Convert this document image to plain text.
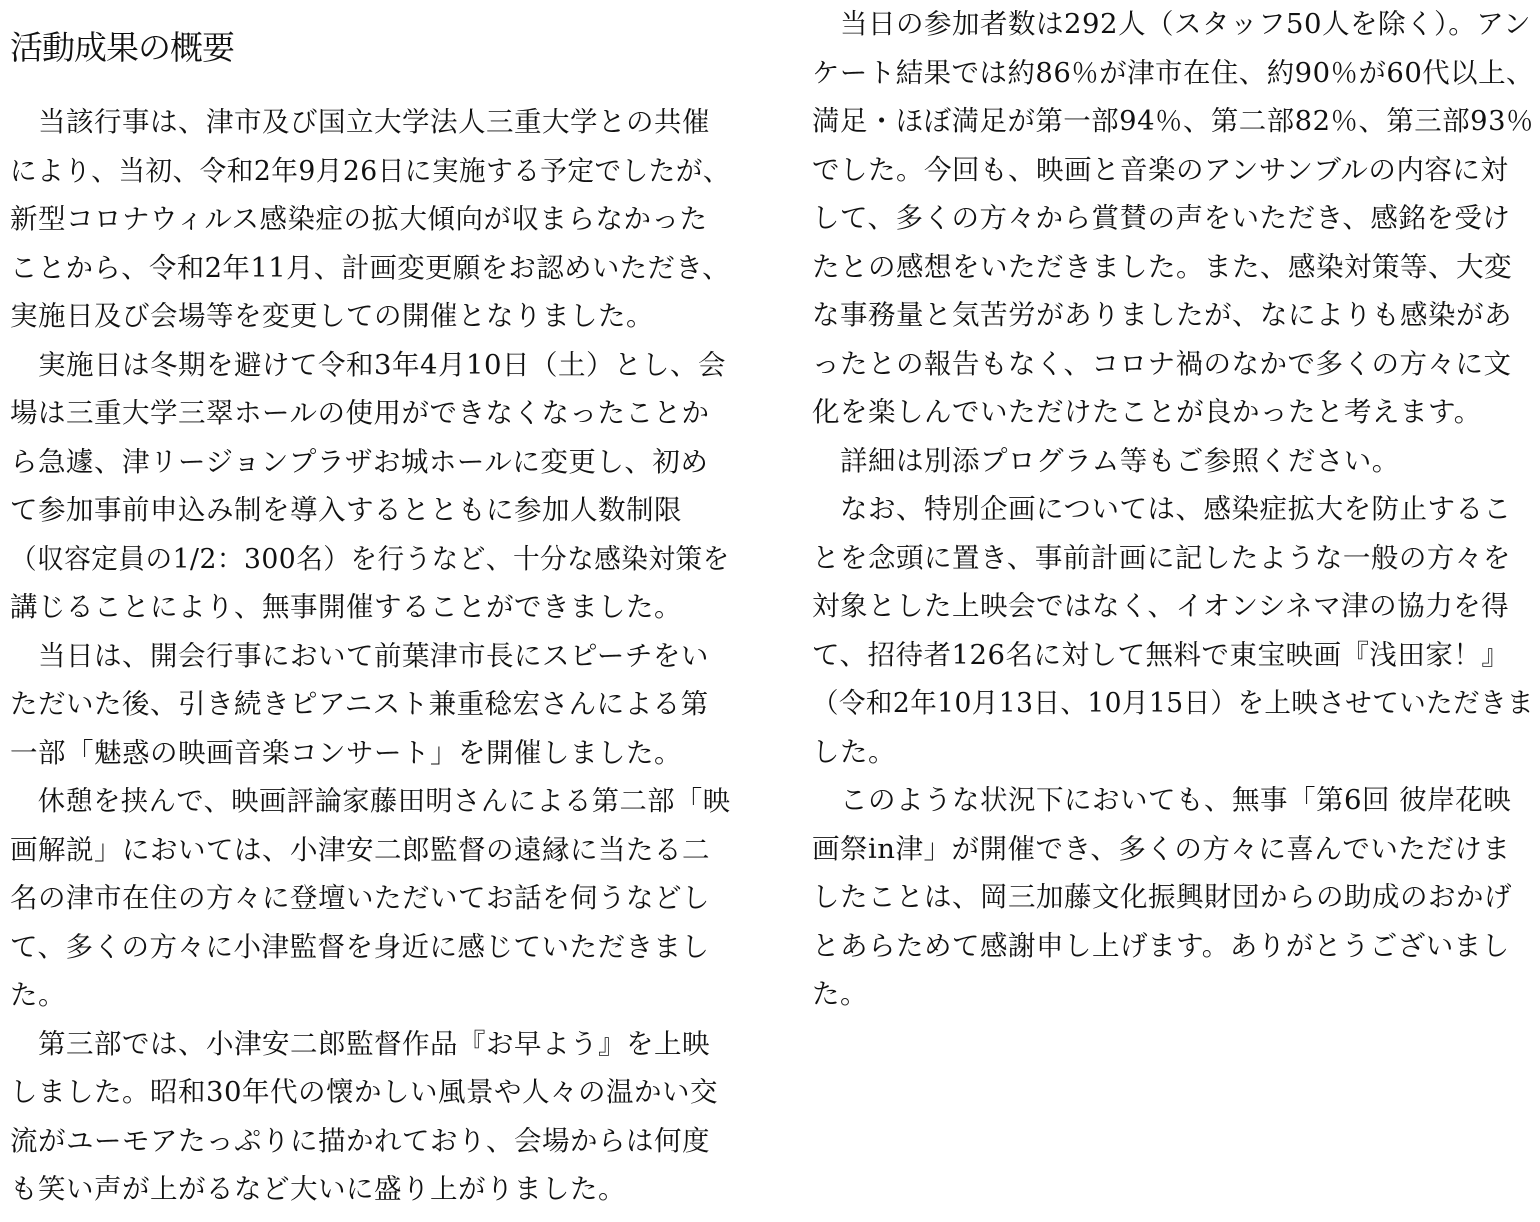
活動成果の概要
当該行事は、津市及び国立大学法人三重大学との共催
により、当初、令和2年9月26日に実施する予定でしたが、
新型コロナウィルス感染症の拡大傾向が収まらなかった
ことから、令和2年11月、計画変更願をお認めいただき、
実施日及び会場等を変更しての開催となりました。
実施日は冬期を避けて令和3年4月10日（土）とし、会
場は三重大学三翠ホールの使用ができなくなったことか
ら急遽、津リージョンプラザお城ホールに変更し、初め
て参加事前申込み制を導入するとともに参加人数制限
（収容定員の1/2：300名）を行うなど、十分な感染対策を
講じることにより、無事開催することができました。
当日は、開会行事において前葉津市長にスピーチをい
ただいた後、引き続きピアニスト兼重稔宏さんによる第
一部「魅惑の映画音楽コンサート」を開催しました。
休憩を挟んで、映画評論家藤田明さんによる第二部「映
画解説」においては、小津安二郎監督の遠縁に当たる二
名の津市在住の方々に登壇いただいてお話を伺うなどし
て、多くの方々に小津監督を身近に感じていただきまし
た。
第三部では、小津安二郎監督作品『お早よう』を上映
しました。昭和30年代の懐かしい風景や人々の温かい交
流がユーモアたっぷりに描かれており、会場からは何度
も笑い声が上がるなど大いに盛り上がりました。
当日の参加者数は292人（スタッフ50人を除く）。アン
ケート結果では約86％が津市在住、約90％が60代以上、
満足・ほぼ満足が第一部94％、第二部82％、第三部93％
でした。今回も、映画と音楽のアンサンブルの内容に対
して、多くの方々から賞賛の声をいただき、感銘を受け
たとの感想をいただきました。また、感染対策等、大変
な事務量と気苦労がありましたが、なによりも感染があ
ったとの報告もなく、コロナ禍のなかで多くの方々に文
化を楽しんでいただけたことが良かったと考えます。
詳細は別添プログラム等もご参照ください。
なお、特別企画については、感染症拡大を防止するこ
とを念頭に置き、事前計画に記したような一般の方々を
対象とした上映会ではなく、イオンシネマ津の協力を得
て、招待者126名に対して無料で東宝映画『浅田家！』
（令和2年10月13日、10月15日）を上映させていただきま
した。
このような状況下においても、無事「第6回 彼岸花映
画祭in津」が開催でき、多くの方々に喜んでいただけま
したことは、岡三加藤文化振興財団からの助成のおかげ
とあらためて感謝申し上げます。ありがとうございまし
た。
